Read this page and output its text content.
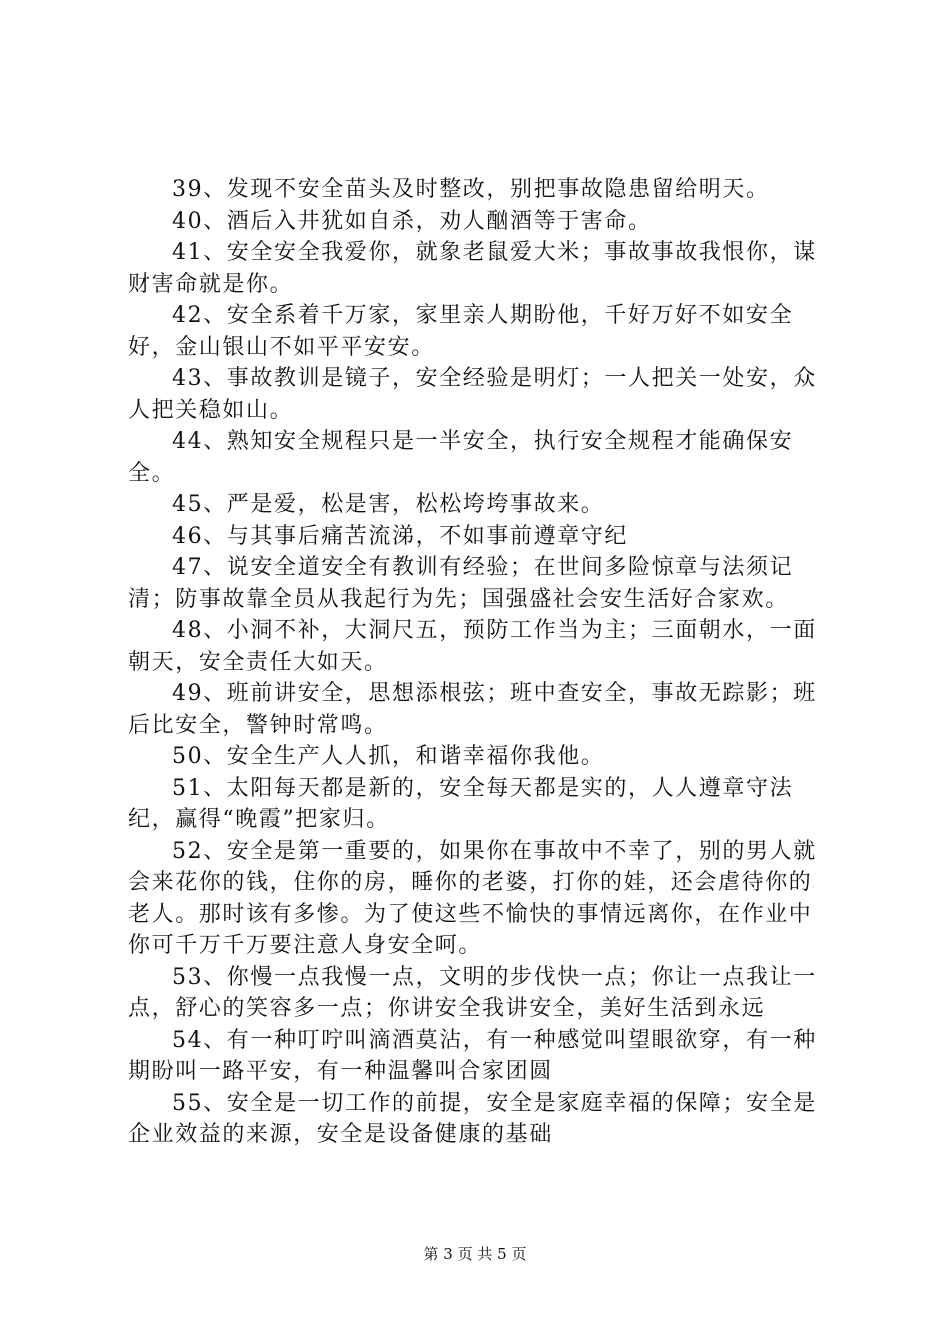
39、发现不安全苗头及时整改，别把事故隐患留给明天。

40、酒后入井犹如自杀，劝人酗酒等于害命。

41、安全安全我爱你，就象老鼠爱大米；事故事故我恨你，谋财害命就是你。

42、安全系着千万家，家里亲人期盼他，千好万好不如安全好，金山银山不如平平安安。

43、事故教训是镜子，安全经验是明灯；一人把关一处安，众人把关稳如山。

44、熟知安全规程只是一半安全，执行安全规程才能确保安全。

45、严是爱，松是害，松松垮垮事故来。

46、与其事后痛苦流涕，不如事前遵章守纪

47、说安全道安全有教训有经验；在世间多险惊章与法须记清；防事故靠全员从我起行为先；国强盛社会安生活好合家欢。

48、小洞不补，大洞尺五，预防工作当为主；三面朝水，一面朝天，安全责任大如天。

49、班前讲安全，思想添根弦；班中查安全，事故无踪影；班后比安全，警钟时常鸣。

50、安全生产人人抓，和谐幸福你我他。

51、太阳每天都是新的，安全每天都是实的，人人遵章守法纪，赢得“晚霞”把家归。

52、安全是第一重要的，如果你在事故中不幸了，别的男人就会来花你的钱，住你的房，睡你的老婆，打你的娃，还会虐待你的老人。那时该有多惨。为了使这些不愉快的事情远离你，在作业中你可千万千万要注意人身安全呵。

53、你慢一点我慢一点，文明的步伐快一点；你让一点我让一点，舒心的笑容多一点；你讲安全我讲安全，美好生活到永远

54、有一种叮咛叫滴酒莫沾，有一种感觉叫望眼欲穿，有一种期盼叫一路平安，有一种温馨叫合家团圆

55、安全是一切工作的前提，安全是家庭幸福的保障；安全是企业效益的来源，安全是设备健康的基础

第 3 页 共 5 页
